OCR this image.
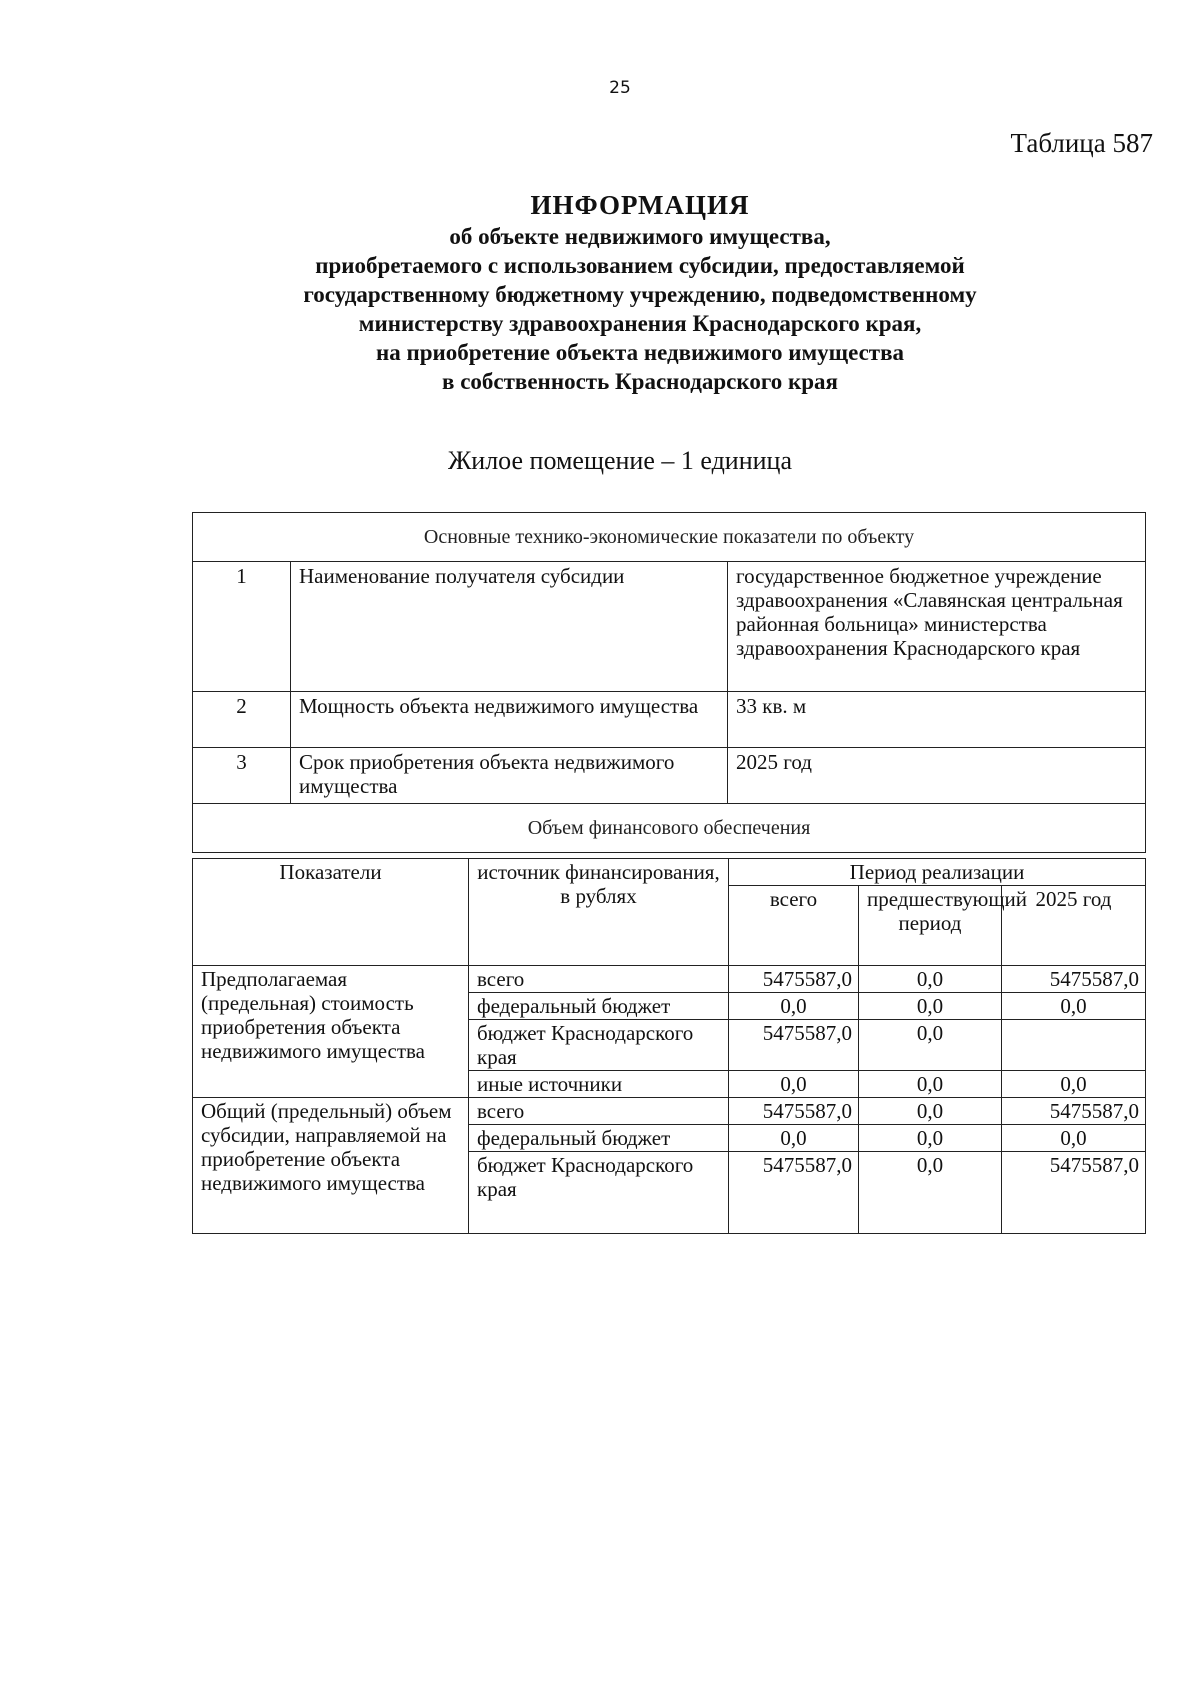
25
Таблица 587
ИНФОРМАЦИЯ
об объекте недвижимого имущества,
приобретаемого с использованием субсидии, предоставляемой
государственному бюджетному учреждению, подведомственному
министерству здравоохранения Краснодарского края,
на приобретение объекта недвижимого имущества
в собственность Краснодарского края
Жилое помещение – 1 единица
Основные технико-экономические показатели по объекту		
1	Наименование получателя субсидии	государственное бюджетное учреждение здравоохранения «Славянская центральная районная больница» министерства здравоохранения Краснодарского края
2	Мощность объекта недвижимого имущества	33 кв. м
3	Срок приобретения объекта недвижимого имущества	2025 год
Объем финансового обеспечения		
Показатели	источник финансирования, в рублях	Период реализации		
		всего	предшествующий период	2025 год
Предполагаемая (предельная) стоимость приобретения объекта недвижимого имущества	всего	5475587,0	0,0	5475587,0
	федеральный бюджет	0,0	0,0	0,0
	бюджет Краснодарского края	5475587,0	0,0	
	иные источники	0,0	0,0	0,0
Общий (предельный) объем субсидии, направляемой на приобретение объекта недвижимого имущества	всего	5475587,0	0,0	5475587,0
	федеральный бюджет	0,0	0,0	0,0
	бюджет Краснодарского края	5475587,0	0,0	5475587,0
